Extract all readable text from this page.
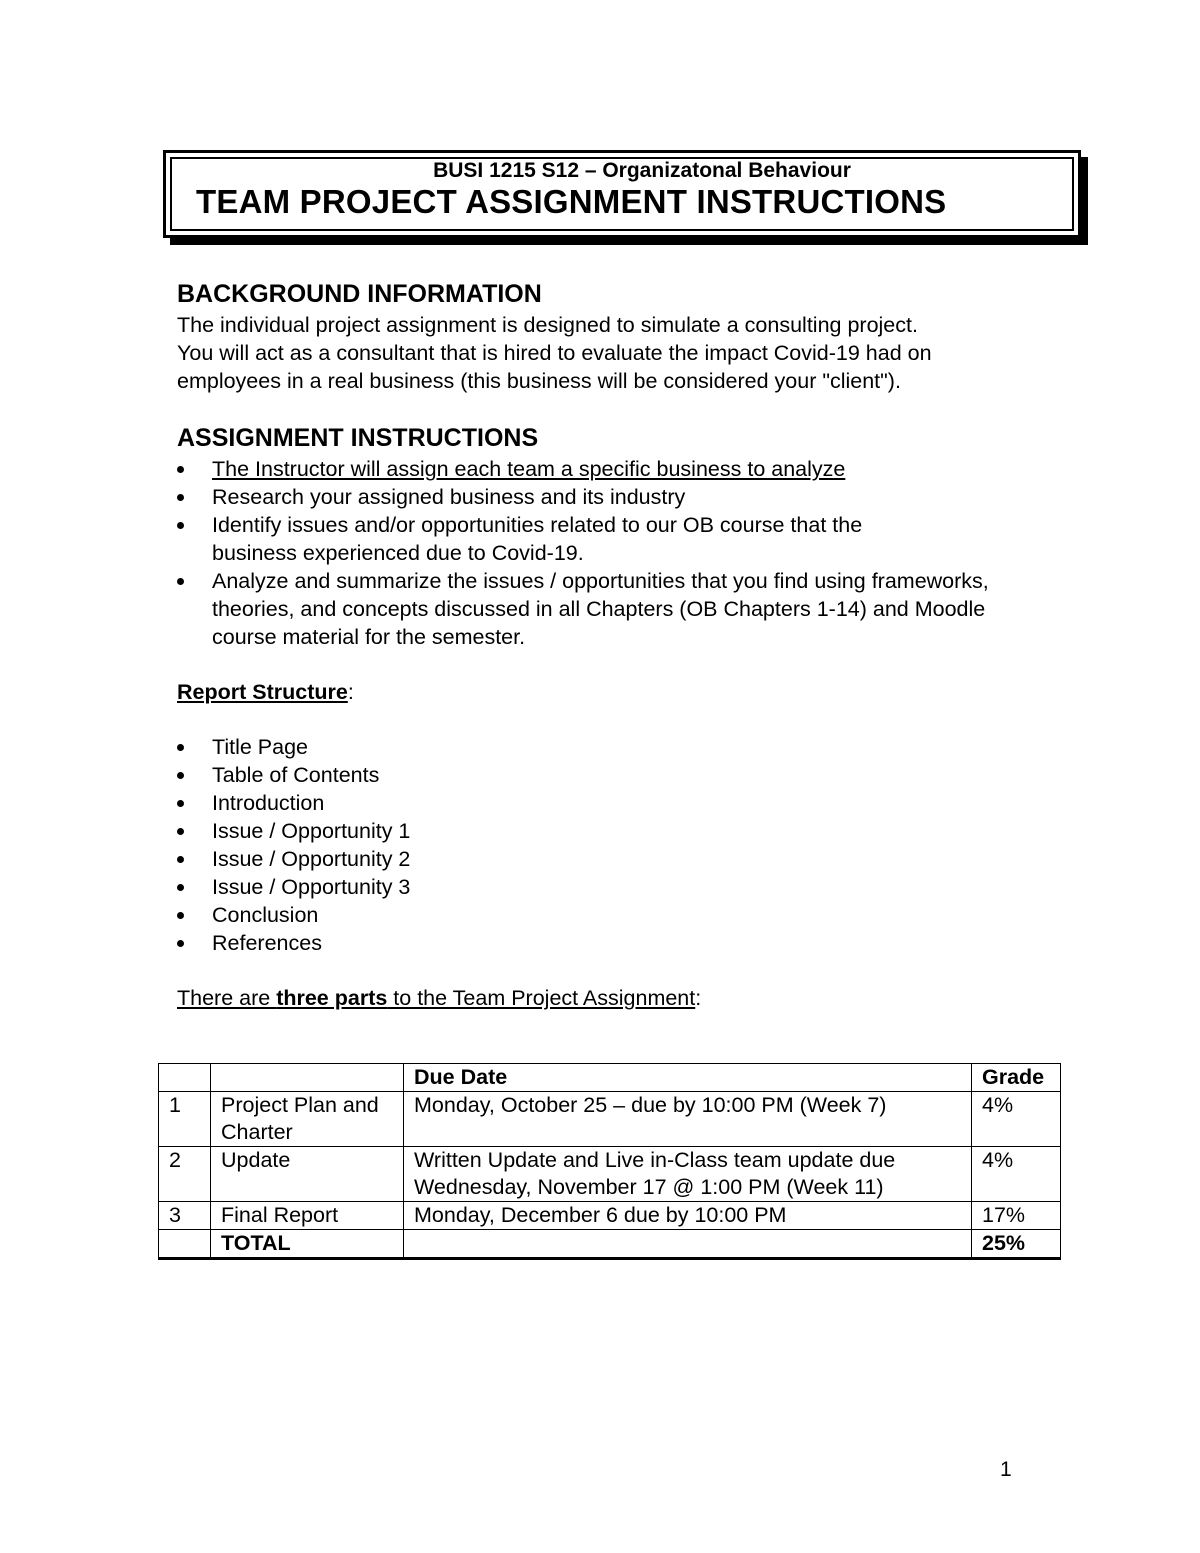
BUSI 1215 S12 – Organizatonal Behaviour
TEAM PROJECT ASSIGNMENT INSTRUCTIONS
BACKGROUND INFORMATION

The individual project assignment is designed to simulate a consulting project.

You will act as a consultant that is hired to evaluate the impact Covid-19 had on

employees in a real business (this business will be considered your "client").

ASSIGNMENT INSTRUCTIONS
The Instructor will assign each team a specific business to analyze
Research your assigned business and its industry
Identify issues and/or opportunities related to our OB course that the business experienced due to Covid-19.
Analyze and summarize the issues / opportunities that you find using frameworks, theories, and concepts discussed in all Chapters (OB Chapters 1-14) and Moodle course material for the semester.
Report Structure:
Title Page
Table of Contents
Introduction
Issue / Opportunity 1
Issue / Opportunity 2
Issue / Opportunity 3
Conclusion
References
There are three parts to the Team Project Assignment:
		Due Date	Grade
1	Project Plan and Charter	Monday, October 25 – due by 10:00 PM (Week 7)	4%
2	Update	Written Update and Live in-Class team update due Wednesday, November 17 @ 1:00 PM (Week 11)	4%
3	Final Report	Monday, December 6 due by 10:00 PM	17%
	TOTAL		25%
1
